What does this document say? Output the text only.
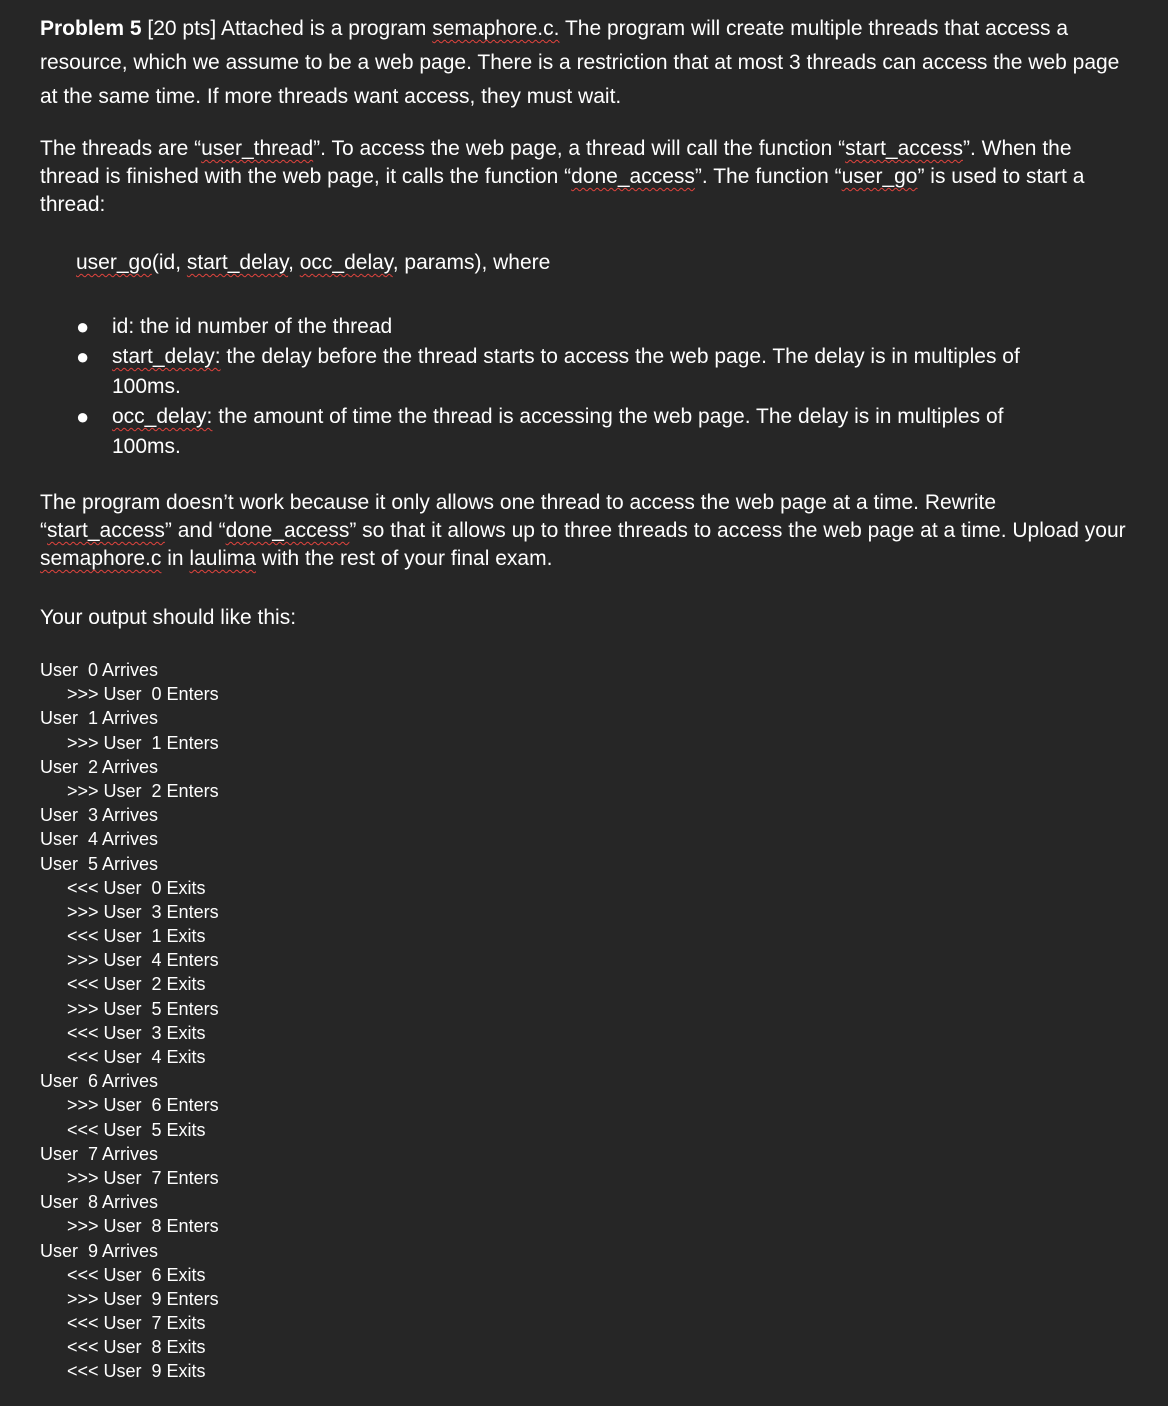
Problem 5 [20 pts] Attached is a program semaphore.c. The program will create multiple threads that access a resource, which we assume to be a web page. There is a restriction that at most 3 threads can access the web page at the same time. If more threads want access, they must wait.

The threads are “user_thread”. To access the web page, a thread will call the function “start_access”. When the thread is finished with the web page, it calls the function “done_access”. The function “user_go” is used to start a thread:

user_go(id, start_delay, occ_delay, params), where
●	id: the id number of the thread
●	start_delay: the delay before the thread starts to access the web page. The delay is in multiples of 100ms.
●	occ_delay: the amount of time the thread is accessing the web page. The delay is in multiples of 100ms.

The program doesn’t work because it only allows one thread to access the web page at a time. Rewrite “start_access” and “done_access” so that it allows up to three threads to access the web page at a time. Upload your semaphore.c in laulima with the rest of your final exam.

Your output should like this:
User  0 Arrives
>>> User  0 Enters
User  1 Arrives
>>> User  1 Enters
User  2 Arrives
>>> User  2 Enters
User  3 Arrives
User  4 Arrives
User  5 Arrives
<<< User  0 Exits
>>> User  3 Enters
<<< User  1 Exits
>>> User  4 Enters
<<< User  2 Exits
>>> User  5 Enters
<<< User  3 Exits
<<< User  4 Exits
User  6 Arrives
>>> User  6 Enters
<<< User  5 Exits
User  7 Arrives
>>> User  7 Enters
User  8 Arrives
>>> User  8 Enters
User  9 Arrives
<<< User  6 Exits
>>> User  9 Enters
<<< User  7 Exits
<<< User  8 Exits
<<< User  9 Exits
